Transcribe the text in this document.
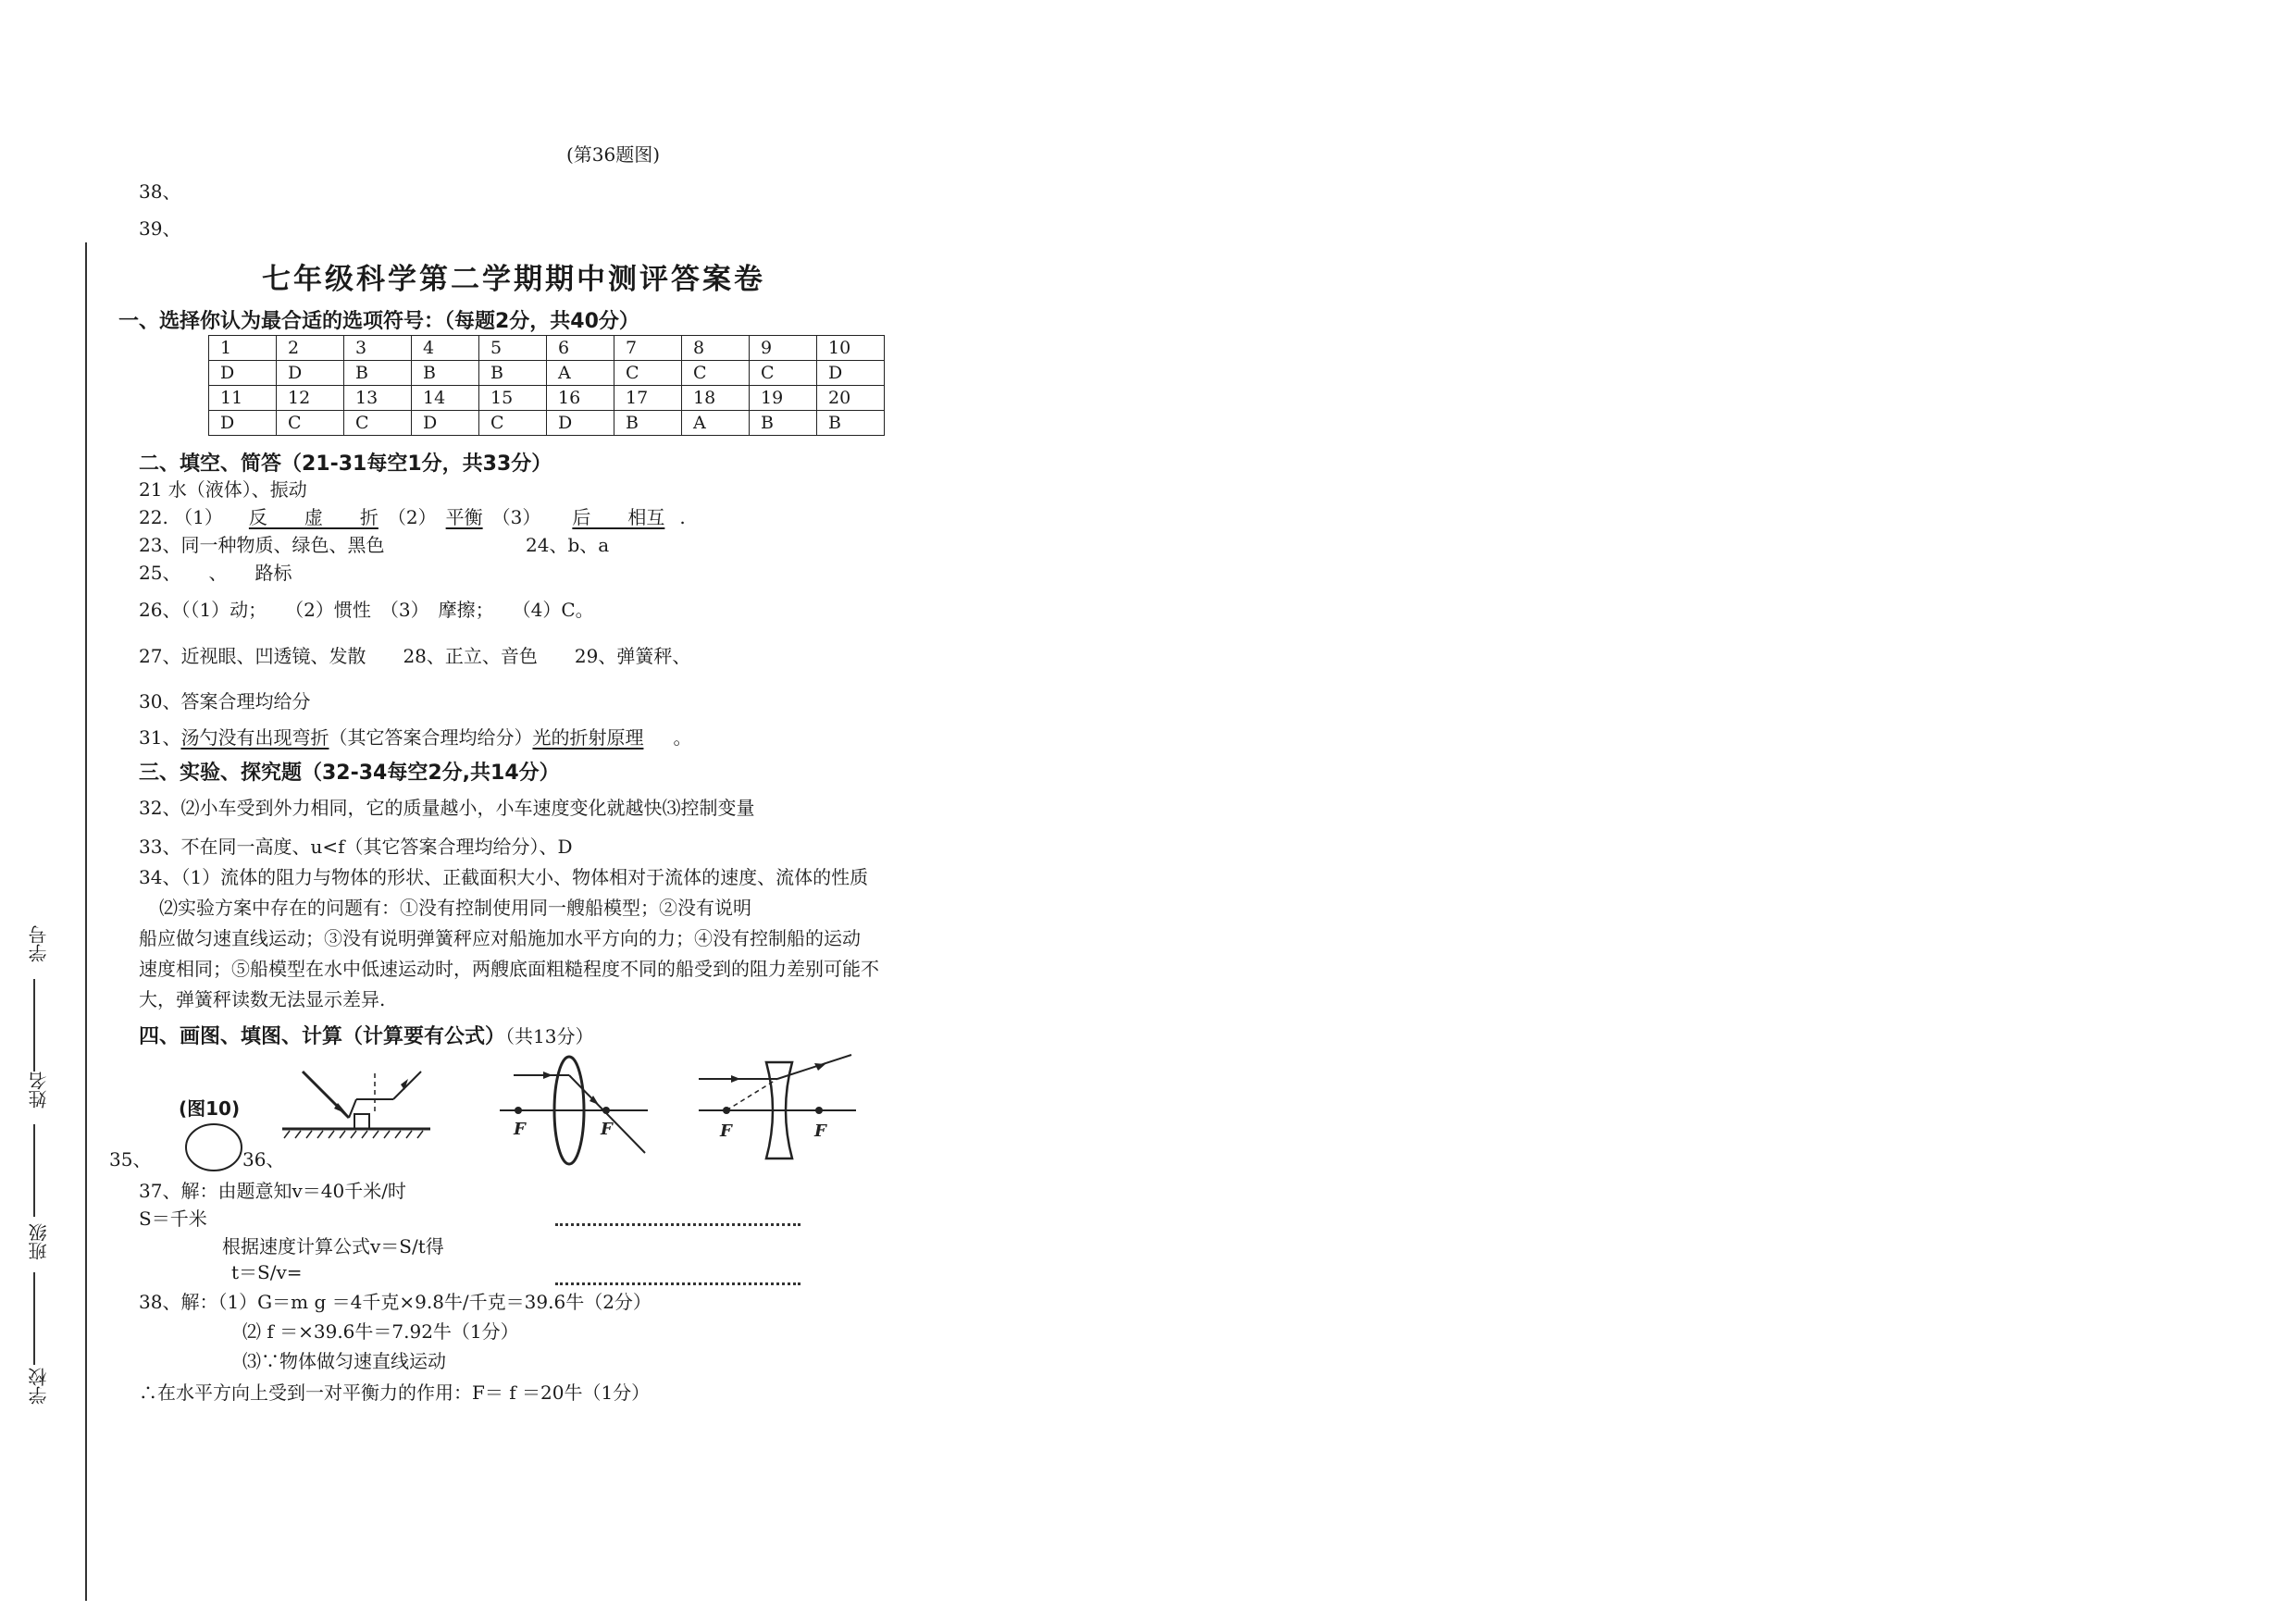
(第36题图)
38、
39、
学校
班级
姓名
学号
七年级科学第二学期期中测评答案卷
一、选择你认为最合适的选项符号：（每题2分，共40分）
1	2	3	4	5	6	7	8	9	10
D	D	B	B	B	A	C	C	C	D
11	12	13	14	15	16	17	18	19	20
D	C	C	D	C	D	B	A	B	B
二、填空、简答（21-31每空1分，共33分）
21 水（液体）、振动
22. （1） 反　　虚　　折 （2） 平衡 （3） 后　　相互 .
23、同一种物质、绿色、黑色	24、b、a
25、　　、　　路标
26、（（1）动；　　（2）惯性　（3）　摩擦；　　（4）C。
27、近视眼、凹透镜、发散　　28、正立、音色　　29、弹簧秤、
30、答案合理均给分
31、汤勺没有出现弯折（其它答案合理均给分）光的折射原理　。
三、实验、探究题（32-34每空2分,共14分）
32、⑵小车受到外力相同，它的质量越小，小车速度变化就越快⑶控制变量
33、不在同一高度、u<f（其它答案合理均给分）、D
34、（1）流体的阻力与物体的形状、正截面积大小、物体相对于流体的速度、流体的性质
⑵实验方案中存在的问题有：①没有控制使用同一艘船模型；②没有说明
船应做匀速直线运动；③没有说明弹簧秤应对船施加水平方向的力；④没有控制船的运动
速度相同；⑤船模型在水中低速运动时，两艘底面粗糙程度不同的船受到的阻力差别可能不
大，弹簧秤读数无法显示差异.
四、画图、填图、计算（计算要有公式）（共13分）
(图10)
35、	36、
F	F	F	F
37、解：由题意知v＝40千米/时
S＝千米
根据速度计算公式v＝S/t得
t＝S/v=
38、解：（1）G＝m g ＝4千克×9.8牛/千克＝39.6牛（2分）
⑵ f ＝×39.6牛＝7.92牛（1分）
⑶∵物体做匀速直线运动
∴在水平方向上受到一对平衡力的作用：F＝ f ＝20牛（1分）
